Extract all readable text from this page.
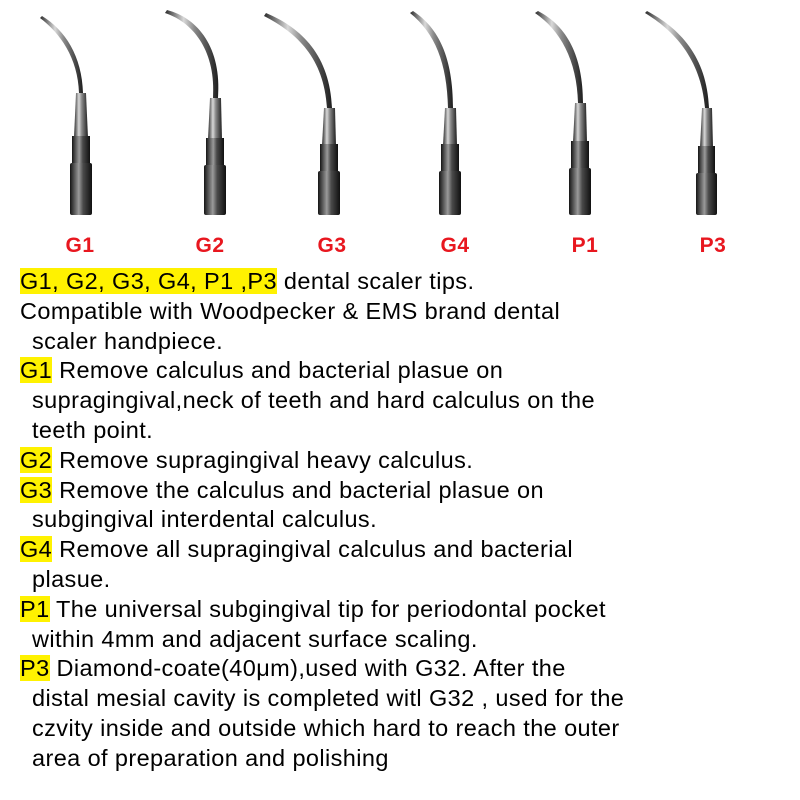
G1	G2	G3	G4	P1	P3
G1, G2, G3, G4, P1 ,P3 dental scaler tips.
Compatible with Woodpecker & EMS brand dental
scaler handpiece.
G1 Remove calculus and bacterial plasue on
supragingival,neck of teeth and hard calculus on the
teeth point.
G2 Remove supragingival heavy calculus.
G3 Remove the calculus and bacterial plasue on
subgingival interdental calculus.
G4 Remove all supragingival calculus and bacterial
plasue.
P1 The universal subgingival tip for periodontal pocket
within 4mm and adjacent surface scaling.
P3 Diamond-coate(40μm),used with G32. After the
distal mesial cavity is completed witl G32 , used for the
czvity inside and outside which hard to reach the outer
area of preparation and polishing
